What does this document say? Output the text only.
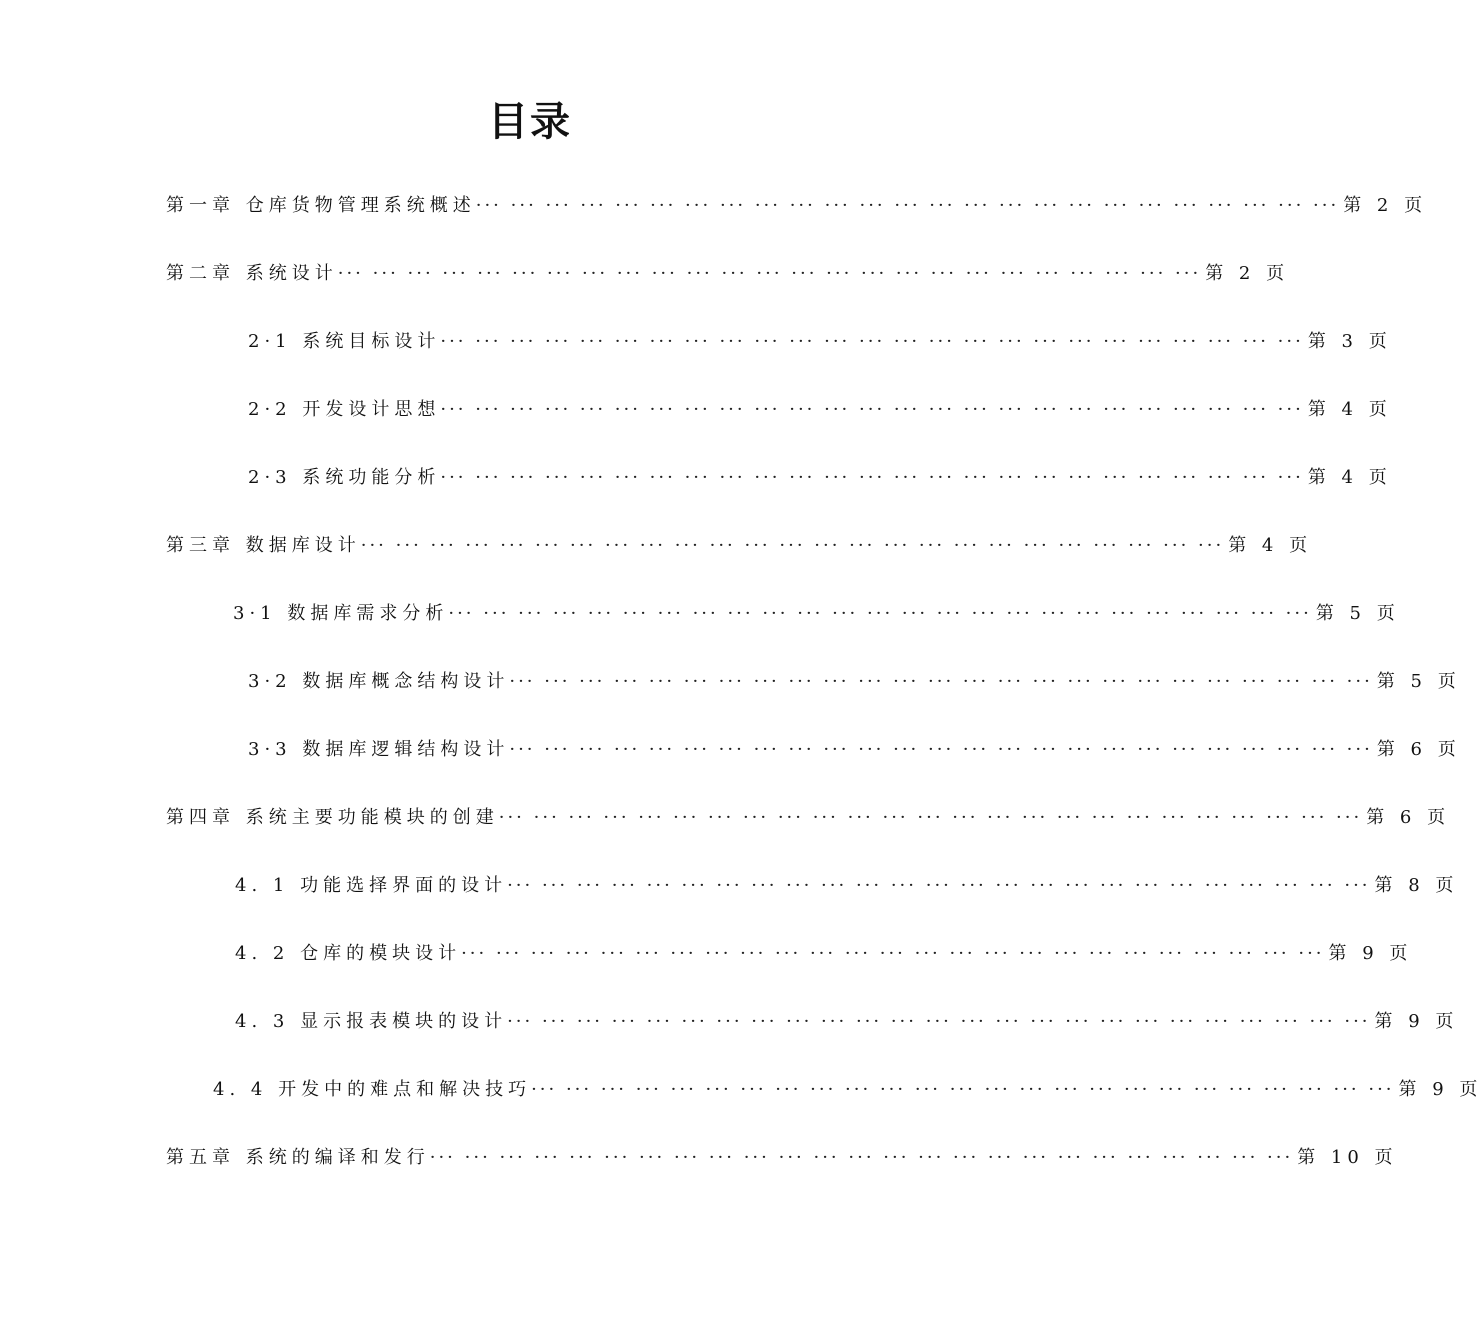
目录
第一章 仓库货物管理系统概述 ··· ··· ··· ··· ··· ··· ··· ··· ··· ··· ··· ··· ··· ··· ··· ··· ··· ··· ··· ··· ··· ··· ··· ··· ··· 第 2 页
第二章 系统设计 ··· ··· ··· ··· ··· ··· ··· ··· ··· ··· ··· ··· ··· ··· ··· ··· ··· ··· ··· ··· ··· ··· ··· ··· ··· 第 2 页
2·1 系统目标设计 ··· ··· ··· ··· ··· ··· ··· ··· ··· ··· ··· ··· ··· ··· ··· ··· ··· ··· ··· ··· ··· ··· ··· ··· ··· 第 3 页
2·2 开发设计思想 ··· ··· ··· ··· ··· ··· ··· ··· ··· ··· ··· ··· ··· ··· ··· ··· ··· ··· ··· ··· ··· ··· ··· ··· ··· 第 4 页
2·3 系统功能分析 ··· ··· ··· ··· ··· ··· ··· ··· ··· ··· ··· ··· ··· ··· ··· ··· ··· ··· ··· ··· ··· ··· ··· ··· ··· 第 4 页
第三章 数据库设计 ··· ··· ··· ··· ··· ··· ··· ··· ··· ··· ··· ··· ··· ··· ··· ··· ··· ··· ··· ··· ··· ··· ··· ··· ··· 第 4 页
3·1 数据库需求分析 ··· ··· ··· ··· ··· ··· ··· ··· ··· ··· ··· ··· ··· ··· ··· ··· ··· ··· ··· ··· ··· ··· ··· ··· ··· 第 5 页
3·2 数据库概念结构设计 ··· ··· ··· ··· ··· ··· ··· ··· ··· ··· ··· ··· ··· ··· ··· ··· ··· ··· ··· ··· ··· ··· ··· ··· ··· 第 5 页
3·3 数据库逻辑结构设计 ··· ··· ··· ··· ··· ··· ··· ··· ··· ··· ··· ··· ··· ··· ··· ··· ··· ··· ··· ··· ··· ··· ··· ··· ··· 第 6 页
第四章 系统主要功能模块的创建 ··· ··· ··· ··· ··· ··· ··· ··· ··· ··· ··· ··· ··· ··· ··· ··· ··· ··· ··· ··· ··· ··· ··· ··· ··· 第 6 页
4. 1 功能选择界面的设计 ··· ··· ··· ··· ··· ··· ··· ··· ··· ··· ··· ··· ··· ··· ··· ··· ··· ··· ··· ··· ··· ··· ··· ··· ··· 第 8 页
4. 2 仓库的模块设计 ··· ··· ··· ··· ··· ··· ··· ··· ··· ··· ··· ··· ··· ··· ··· ··· ··· ··· ··· ··· ··· ··· ··· ··· ··· 第 9 页
4. 3 显示报表模块的设计 ··· ··· ··· ··· ··· ··· ··· ··· ··· ··· ··· ··· ··· ··· ··· ··· ··· ··· ··· ··· ··· ··· ··· ··· ··· 第 9 页
4. 4 开发中的难点和解决技巧 ··· ··· ··· ··· ··· ··· ··· ··· ··· ··· ··· ··· ··· ··· ··· ··· ··· ··· ··· ··· ··· ··· ··· ··· ··· 第 9 页
第五章 系统的编译和发行 ··· ··· ··· ··· ··· ··· ··· ··· ··· ··· ··· ··· ··· ··· ··· ··· ··· ··· ··· ··· ··· ··· ··· ··· ··· 第 10 页
